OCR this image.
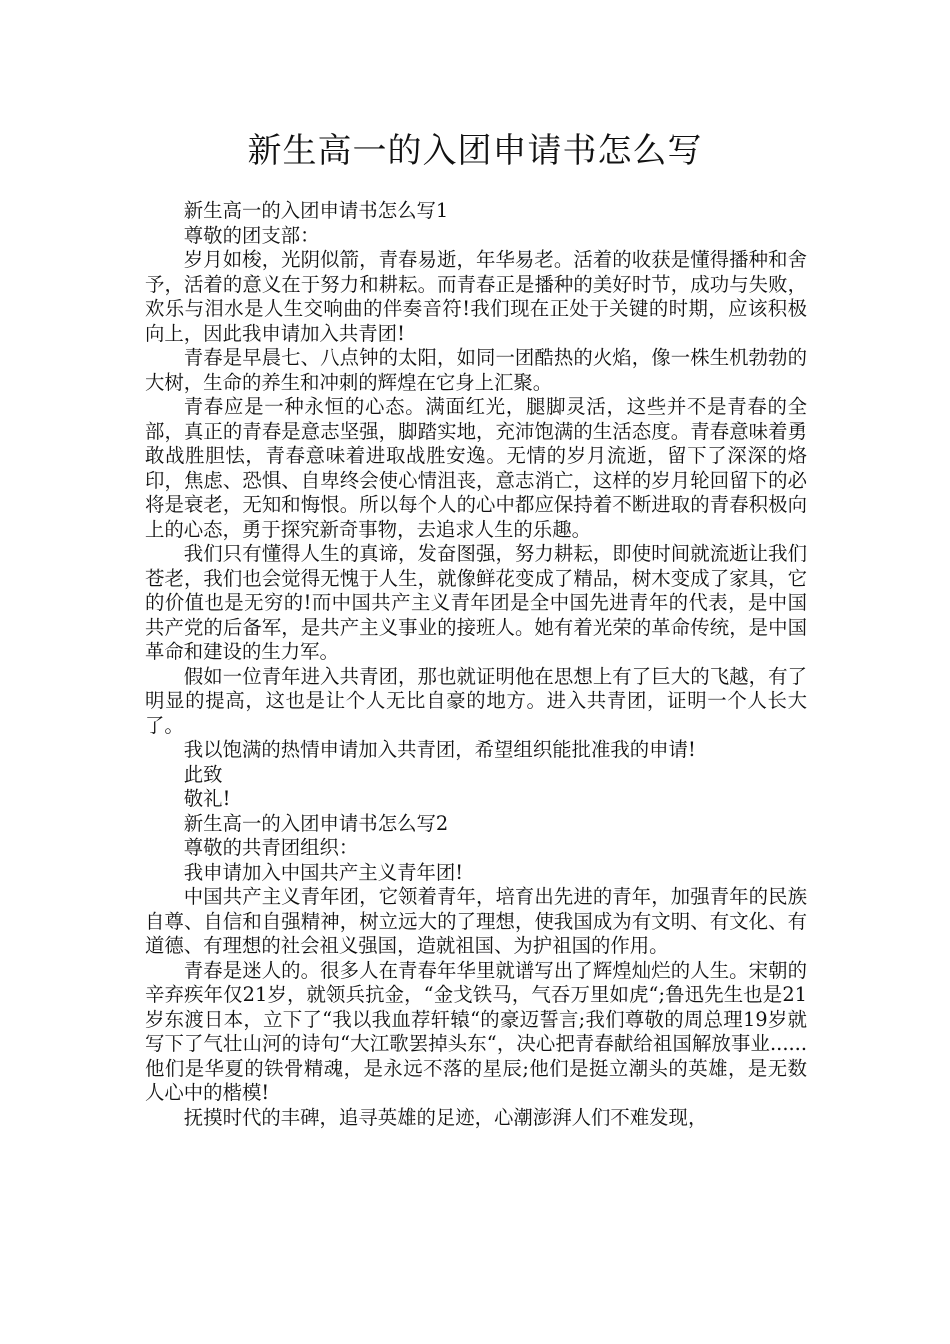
新生高一的入团申请书怎么写

新生高一的入团申请书怎么写1

尊敬的团支部：

岁月如梭，光阴似箭，青春易逝，年华易老。活着的收获是懂得播种和舍予，活着的意义在于努力和耕耘。而青春正是播种的美好时节，成功与失败，欢乐与泪水是人生交响曲的伴奏音符!我们现在正处于关键的时期，应该积极向上，因此我申请加入共青团!

青春是早晨七、八点钟的太阳，如同一团酷热的火焰，像一株生机勃勃的大树，生命的养生和冲刺的辉煌在它身上汇聚。

青春应是一种永恒的心态。满面红光，腿脚灵活，这些并不是青春的全部，真正的青春是意志坚强，脚踏实地，充沛饱满的生活态度。青春意味着勇敢战胜胆怯，青春意味着进取战胜安逸。无情的岁月流逝，留下了深深的烙印，焦虑、恐惧、自卑终会使心情沮丧，意志消亡，这样的岁月轮回留下的必将是衰老，无知和悔恨。所以每个人的心中都应保持着不断进取的青春积极向上的心态，勇于探究新奇事物，去追求人生的乐趣。

我们只有懂得人生的真谛，发奋图强，努力耕耘，即使时间就流逝让我们苍老，我们也会觉得无愧于人生，就像鲜花变成了精品，树木变成了家具，它的价值也是无穷的!而中国共产主义青年团是全中国先进青年的代表，是中国共产党的后备军，是共产主义事业的接班人。她有着光荣的革命传统，是中国革命和建设的生力军。

假如一位青年进入共青团，那也就证明他在思想上有了巨大的飞越，有了明显的提高，这也是让个人无比自豪的地方。进入共青团，证明一个人长大了。

我以饱满的热情申请加入共青团，希望组织能批准我的申请!

此致

敬礼!

新生高一的入团申请书怎么写2

尊敬的共青团组织：

我申请加入中国共产主义青年团!

中国共产主义青年团，它领着青年，培育出先进的青年，加强青年的民族自尊、自信和自强精神，树立远大的了理想，使我国成为有文明、有文化、有道德、有理想的社会祖义强国，造就祖国、为护祖国的作用。

青春是迷人的。很多人在青春年华里就谱写出了辉煌灿烂的人生。宋朝的辛弃疾年仅21岁，就领兵抗金，“金戈铁马，气吞万里如虎“;鲁迅先生也是21岁东渡日本，立下了“我以我血荐轩辕“的豪迈誓言;我们尊敬的周总理19岁就写下了气壮山河的诗句“大江歌罢掉头东“，决心把青春献给祖国解放事业......他们是华夏的铁骨精魂，是永远不落的星辰;他们是挺立潮头的英雄，是无数人心中的楷模!

抚摸时代的丰碑，追寻英雄的足迹，心潮澎湃人们不难发现，
